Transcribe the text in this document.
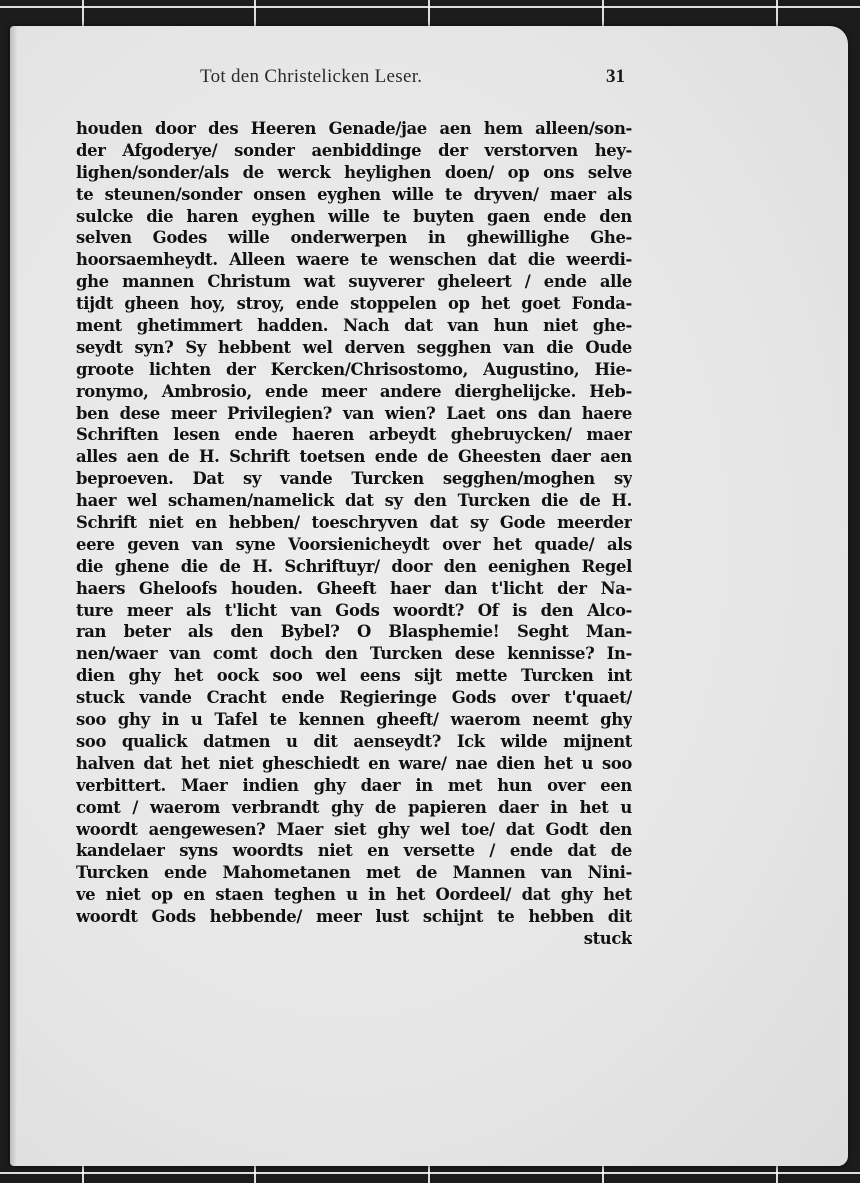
Tot den Christelicken Leser.	31
houden door des Heeren Genade/jae aen hem alleen/son-
der Afgoderye/ sonder aenbiddinge der verstorven hey-
lighen/sonder/als de werck heylighen doen/ op ons selve
te steunen/sonder onsen eyghen wille te dryven/ maer als
sulcke die haren eyghen wille te buyten gaen ende den
selven Godes wille onderwerpen in ghewillighe Ghe-
hoorsaemheydt. Alleen waere te wenschen dat die weerdi-
ghe mannen Christum wat suyverer gheleert / ende alle
tijdt gheen hoy, stroy, ende stoppelen op het goet Fonda-
ment ghetimmert hadden. Nach dat van hun niet ghe-
seydt syn? Sy hebbent wel derven segghen van die Oude
groote lichten der Kercken/Chrisostomo, Augustino, Hie-
ronymo, Ambrosio, ende meer andere dierghelijcke. Heb-
ben dese meer Privilegien? van wien? Laet ons dan haere
Schriften lesen ende haeren arbeydt ghebruycken/ maer
alles aen de H. Schrift toetsen ende de Gheesten daer aen
beproeven. Dat sy vande Turcken segghen/moghen sy
haer wel schamen/namelick dat sy den Turcken die de H.
Schrift niet en hebben/ toeschryven dat sy Gode meerder
eere geven van syne Voorsienicheydt over het quade/ als
die ghene die de H. Schriftuyr/ door den eenighen Regel
haers Gheloofs houden. Gheeft haer dan t'licht der Na-
ture meer als t'licht van Gods woordt? Of is den Alco-
ran beter als den Bybel? O Blasphemie! Seght Man-
nen/waer van comt doch den Turcken dese kennisse? In-
dien ghy het oock soo wel eens sijt mette Turcken int
stuck vande Cracht ende Regieringe Gods over t'quaet/
soo ghy in u Tafel te kennen gheeft/ waerom neemt ghy
soo qualick datmen u dit aenseydt? Ick wilde mijnent
halven dat het niet gheschiedt en ware/ nae dien het u soo
verbittert. Maer indien ghy daer in met hun over een
comt / waerom verbrandt ghy de papieren daer in het u
woordt aengewesen? Maer siet ghy wel toe/ dat Godt den
kandelaer syns woordts niet en versette / ende dat de
Turcken ende Mahometanen met de Mannen van Nini-
ve niet op en staen teghen u in het Oordeel/ dat ghy het
woordt Gods hebbende/ meer lust schijnt te hebben dit
stuck
